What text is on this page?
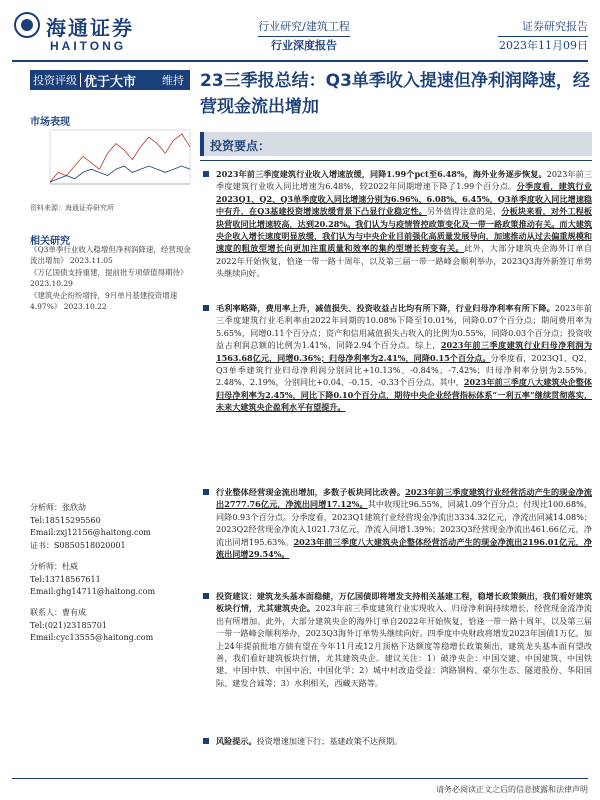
海通证券
HAITONG
行业研究/建筑工程
行业深度报告
证券研究报告
2023年11月09日
投资评级 优于大市 维持 23三季报总结：Q3单季收入提速但净利润降速，经营现金流出增加
市场表现
资料来源：海通证券研究所
相关研究

《Q3单季行业收入稳增但净利润降速，经营现金流出增加》 2023.11.05

《万亿国债支持重建，提前批专项债值得期待》 2023.10.29

《建筑央企纷纷增持，9月单月基建投资增速4.97%》 2023.10.22

分析师：张欣劼
Tel:18515295560
Email:zxj12156@haitong.com
证书：S0850518020001
分析师：杜威
Tel:13718567611
Email:ghg14711@haitong.com
联系人：曹有成
Tel:(021)23185701
Email:cyc13555@haitong.com
投资要点：
2023年前三季度建筑行业收入增速放缓，同降1.99个pct至6.48%，海外业务逐步恢复。2023年前三季度建筑行业收入同比增速为6.48%，较2022年同期增速下降了1.99个百分点。分季度看，建筑行业2023Q1、Q2、Q3单季度收入同比增速分别为6.96%、6.08%、6.45%，Q3单季度收入同比增速稳中有升，在Q3基建投资增速放缓背景下凸显行业稳定性。另外值得注意的是，分板块来看，对外工程板块营收同比增速较高，达到20.28%。我们认为与疫情管控政策变化及一带一路政策推动有关。而大建筑央企收入增长速度明显放缓，我们认为与中央企业目前强化高质量发展导向，加速推动从过去偏重规模和速度的粗放型增长向更加注重质量和效率的集约型增长转变有关。此外，大部分建筑央企海外订单自2022年开始恢复，恰逢一带一路十周年，以及第三届一带一路峰会顺利举办，2023Q3海外新签订单势头继续向好。
毛利率略降，费用率上升，减值损失、投资收益占比均有所下降，行业归母净利率有所下降。2023年前三季度建筑行业毛利率由2022年同期的10.08%下降至10.01%，同降0.07个百分点；期间费用率为5.65%，同增0.11个百分点；资产和信用减值损失占收入的比例为0.55%，同降0.03个百分点；投资收益占利润总额的比例为1.41%，同降2.94个百分点。综上，2023年前三季度建筑行业归母净利润为1563.68亿元，同增0.36%；归母净利率为2.41%，同降0.15个百分点。分季度看，2023Q1、Q2、Q3单季建筑行业归母净利润分别同比+10.13%、-0.84%、-7.42%；归母净利率分别为2.55%、2.48%、2.19%，分别同比+0.04、-0.15、-0.33个百分点。其中，2023年前三季度八大建筑央企整体归母净利率为2.45%，同比下降0.10个百分点，期待中央企业经营指标体系“一利五率”继续贯彻落实，未来大建筑央企盈利水平有望提升。
行业整体经营现金流出增加，多数子板块同比改善。2023年前三季度建筑行业经营活动产生的现金净流出2777.76亿元，净流出同增17.12%。其中收现比96.55%，同减1.09个百分点；付现比100.68%，同降0.93个百分点。分季度看，2023Q1建筑行业经营现金净流出3334.32亿元，净流出同减14.08%；2023Q2经营现金净流入1021.73亿元，净流入同增1.39%；2023Q3经营现金净流出461.66亿元，净流出同增195.63%。2023年前三季度八大建筑央企整体经营活动产生的现金净流出2196.01亿元，净流出同增29.54%。
投资建议：建筑龙头基本面稳健，万亿国债即将增发支持相关基建工程，稳增长政策频出，我们看好建筑板块行情，尤其建筑央企。2023年前三季度建筑行业实现收入、归母净利润持续增长，经营现金流净流出有所增加。此外，大部分建筑央企的海外订单自2022年开始恢复，恰逢一带一路十周年，以及第三届一带一路峰会顺利举办，2023Q3海外订单势头继续向好。四季度中央财政将增发2023年国债1万亿，加上24年提前批地方债有望在今年11月或12月顶格下达额度等稳增长政策频出，建筑龙头基本面有望改善，我们看好建筑板块行情，尤其建筑央企。建议关注：1）破净央企：中国交建、中国建筑、中国铁建、中国中铁、中国中冶、中国化学；2）城中村改造受益：鸿路钢构、豪尔生态、隧道股份、华阳国际、建发合诚等；3）水利相关，西藏天路等。
风险提示。投资增速加速下行；基建政策不达预期。
请务必阅读正文之后的信息披露和法律声明
